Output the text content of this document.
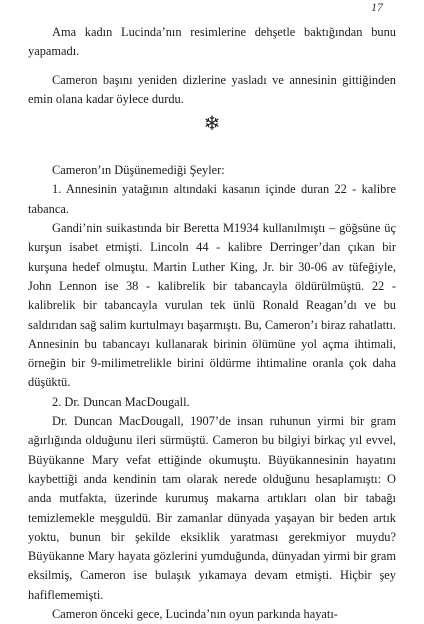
17

Ama kadın Lucinda’nın resimlerine dehşetle baktığından bunu yapamadı.

Cameron başını yeniden dizlerine yasladı ve annesinin gittiğinden emin olana kadar öylece durdu.

❄

Cameron’ın Düşünemediği Şeyler:

1. Annesinin yatağının altındaki kasanın içinde duran 22 - kalibre tabanca.

Gandi’nin suikastında bir Beretta M1934 kullanılmıştı – göğsüne üç kurşun isabet etmişti. Lincoln 44 - kalibre Derringer’dan çıkan bir kurşuna hedef olmuştu. Martin Luther King, Jr. bir 30-06 av tüfeğiyle, John Lennon ise 38 - kalibrelik bir tabancayla öldürülmüştü. 22 - kalibrelik bir tabancayla vurulan tek ünlü Ronald Reagan’dı ve bu saldırıdan sağ salim kurtulmayı başarmıştı. Bu, Cameron’ı biraz rahatlattı. Annesinin bu tabancayı kullanarak birinin ölümüne yol açma ihtimali, örneğin bir 9-milimetrelikle birini öldürme ihtimaline oranla çok daha düşüktü.

2. Dr. Duncan MacDougall.

Dr. Duncan MacDougall, 1907’de insan ruhunun yirmi bir gram ağırlığında olduğunu ileri sürmüştü. Cameron bu bilgiyi birkaç yıl evvel, Büyükanne Mary vefat ettiğinde okumuştu. Büyükannesinin hayatını kaybettiği anda kendinin tam olarak nerede olduğunu hesaplamıştı: O anda mutfakta, üzerinde kurumuş makarna artıkları olan bir tabağı temizlemekle meşguldü. Bir zamanlar dünyada yaşayan bir beden artık yoktu, bunun bir şekilde eksiklik yaratması gerekmiyor muydu? Büyükanne Mary hayata gözlerini yumduğunda, dünyadan yirmi bir gram eksilmiş, Cameron ise bulaşık yıkamaya devam etmişti. Hiçbir şey hafiflememişti.

Cameron önceki gece, Lucinda’nın oyun parkında hayatı-
